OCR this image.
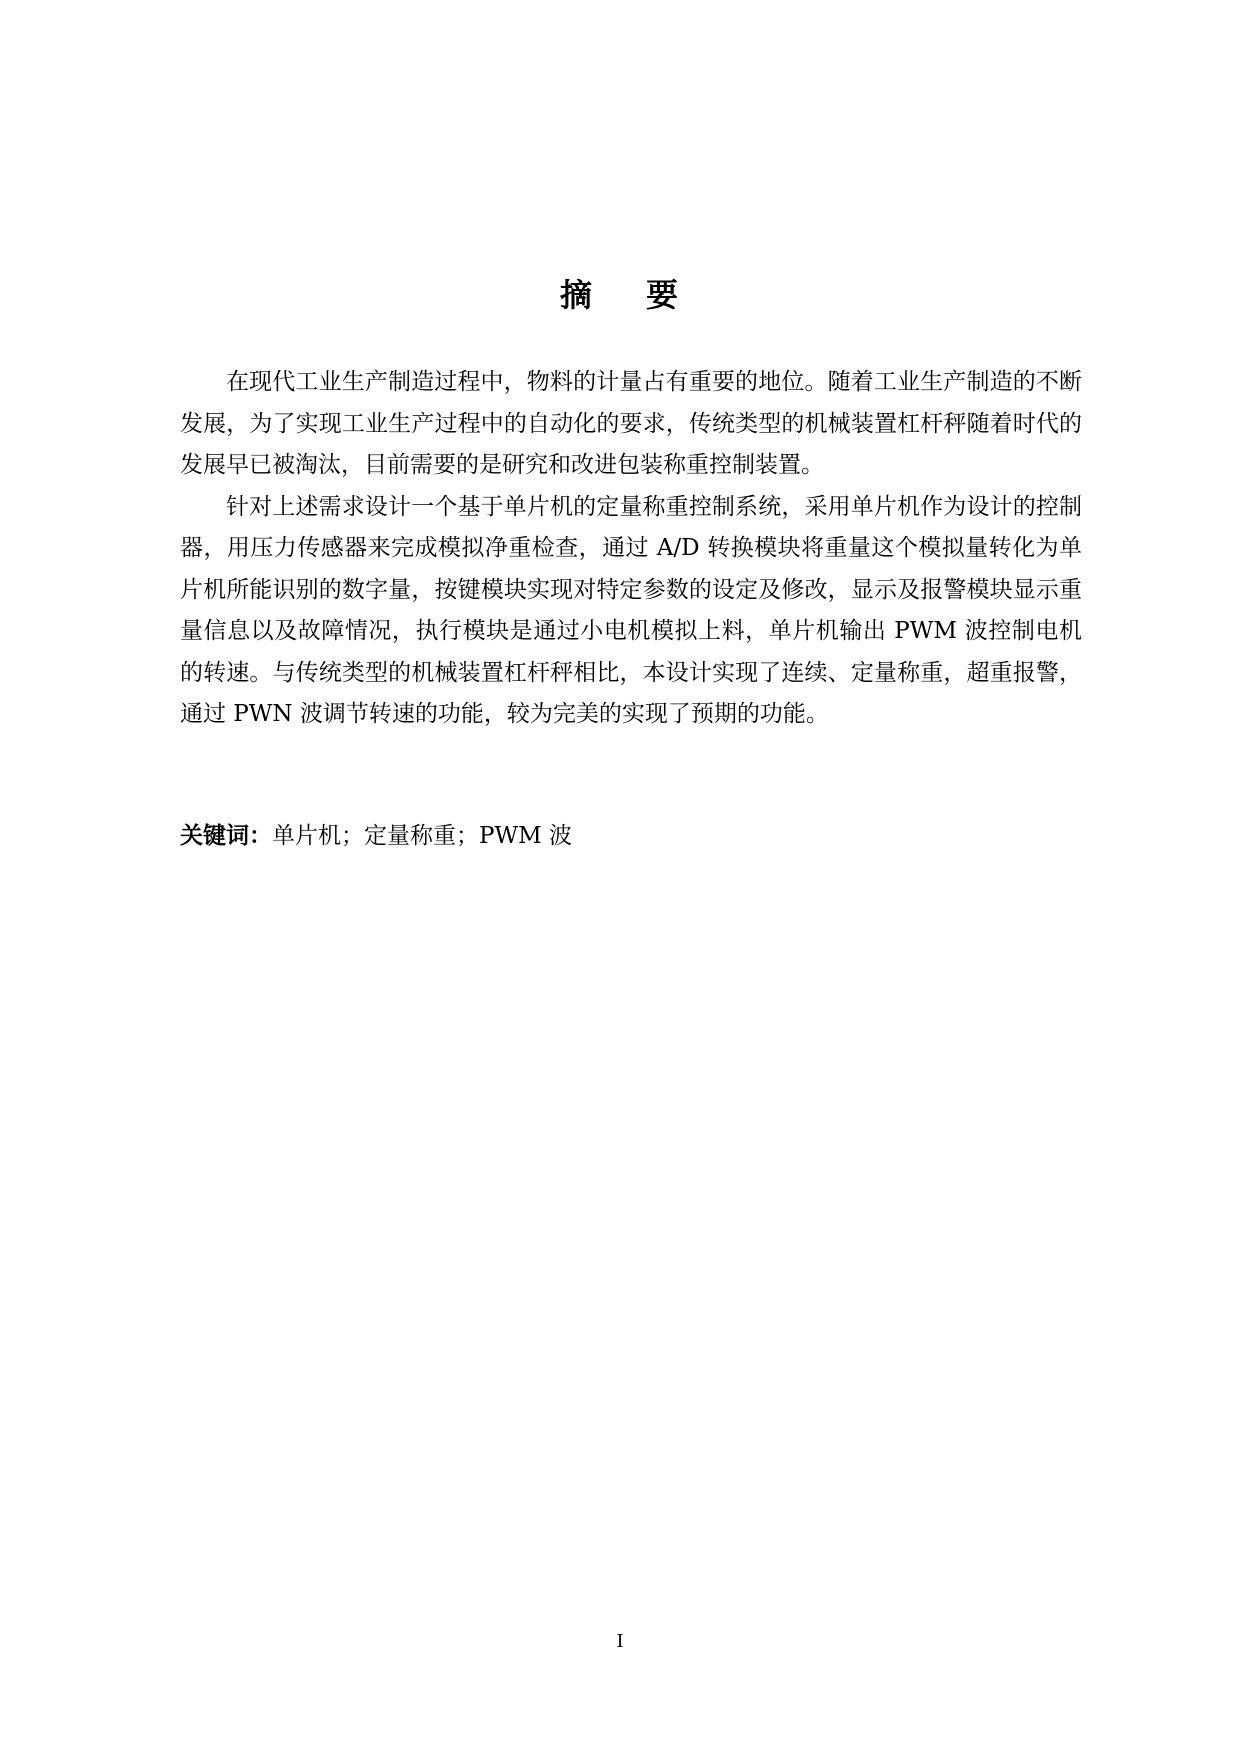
摘 要

在现代工业生产制造过程中，物料的计量占有重要的地位。随着工业生产制造的不断发展，为了实现工业生产过程中的自动化的要求，传统类型的机械装置杠杆秤随着时代的发展早已被淘汰，目前需要的是研究和改进包装称重控制装置。

针对上述需求设计一个基于单片机的定量称重控制系统，采用单片机作为设计的控制器，用压力传感器来完成模拟净重检查，通过 A/D 转换模块将重量这个模拟量转化为单片机所能识别的数字量，按键模块实现对特定参数的设定及修改，显示及报警模块显示重量信息以及故障情况，执行模块是通过小电机模拟上料，单片机输出 PWM 波控制电机的转速。与传统类型的机械装置杠杆秤相比，本设计实现了连续、定量称重，超重报警，通过 PWN 波调节转速的功能，较为完美的实现了预期的功能。

关键词：单片机；定量称重；PWM 波

I
